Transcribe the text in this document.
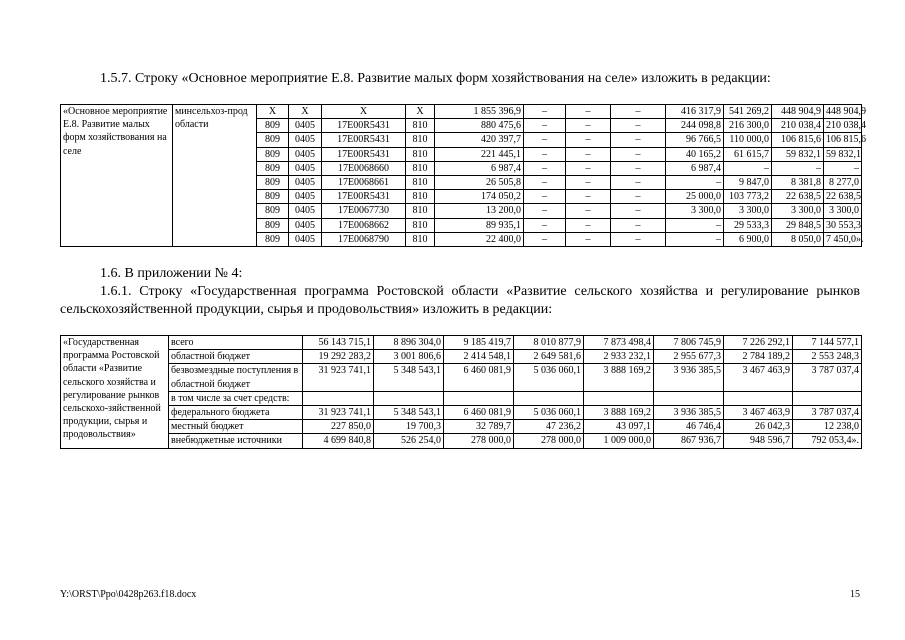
1.5.7. Строку «Основное мероприятие Е.8. Развитие малых форм хозяйствования на селе» изложить в редакции:

«Основное мероприятие Е.8. Развитие малых форм хозяйствования на селе	минсельхоз-прод области	X	X	X	X	1 855 396,9	–	–	–	416 317,9	541 269,2	448 904,9	448 904,9
		809	0405	17Е00R5431	810	880 475,6	–	–	–	244 098,8	216 300,0	210 038,4	210 038,4
		809	0405	17Е00R5431	810	420 397,7	–	–	–	96 766,5	110 000,0	106 815,6	106 815,6
		809	0405	17Е00R5431	810	221 445,1	–	–	–	40 165,2	61 615,7	59 832,1	59 832,1
		809	0405	17Е0068660	810	6 987,4	–	–	–	6 987,4	–	–	–
		809	0405	17Е0068661	810	26 505,8	–	–	–	–	9 847,0	8 381,8	8 277,0
		809	0405	17Е00R5431	810	174 050,2	–	–	–	25 000,0	103 773,2	22 638,5	22 638,5
		809	0405	17Е0067730	810	13 200,0	–	–	–	3 300,0	3 300,0	3 300,0	3 300,0
		809	0405	17Е0068662	810	89 935,1	–	–	–	–	29 533,3	29 848,5	30 553,3
		809	0405	17Е0068790	810	22 400,0	–	–	–	–	6 900,0	8 050,0	7 450,0».

1.6. В приложении № 4:

1.6.1. Строку «Государственная программа Ростовской области «Развитие сельского хозяйства и регулирование рынков сельскохозяйственной продукции, сырья и продовольствия» изложить в редакции:

«Государственная программа Ростовской области «Развитие сельского хозяйства и регулирование рынков сельскохо-зяйственной продукции, сырья и продовольствия»	всего	56 143 715,1	8 896 304,0	9 185 419,7	8 010 877,9	7 873 498,4	7 806 745,9	7 226 292,1	7 144 577,1
	областной бюджет	19 292 283,2	3 001 806,6	2 414 548,1	2 649 581,6	2 933 232,1	2 955 677,3	2 784 189,2	2 553 248,3
	безвозмездные поступления в областной бюджет	31 923 741,1	5 348 543,1	6 460 081,9	5 036 060,1	3 888 169,2	3 936 385,5	3 467 463,9	3 787 037,4
	в том числе за счет средств:								
	федерального бюджета	31 923 741,1	5 348 543,1	6 460 081,9	5 036 060,1	3 888 169,2	3 936 385,5	3 467 463,9	3 787 037,4
	местный бюджет	227 850,0	19 700,3	32 789,7	47 236,2	43 097,1	46 746,4	26 042,3	12 238,0
	внебюджетные источники	4 699 840,8	526 254,0	278 000,0	278 000,0	1 009 000,0	867 936,7	948 596,7	792 053,4».
Y:\ORST\Ppo\0428p263.f18.docx	15
